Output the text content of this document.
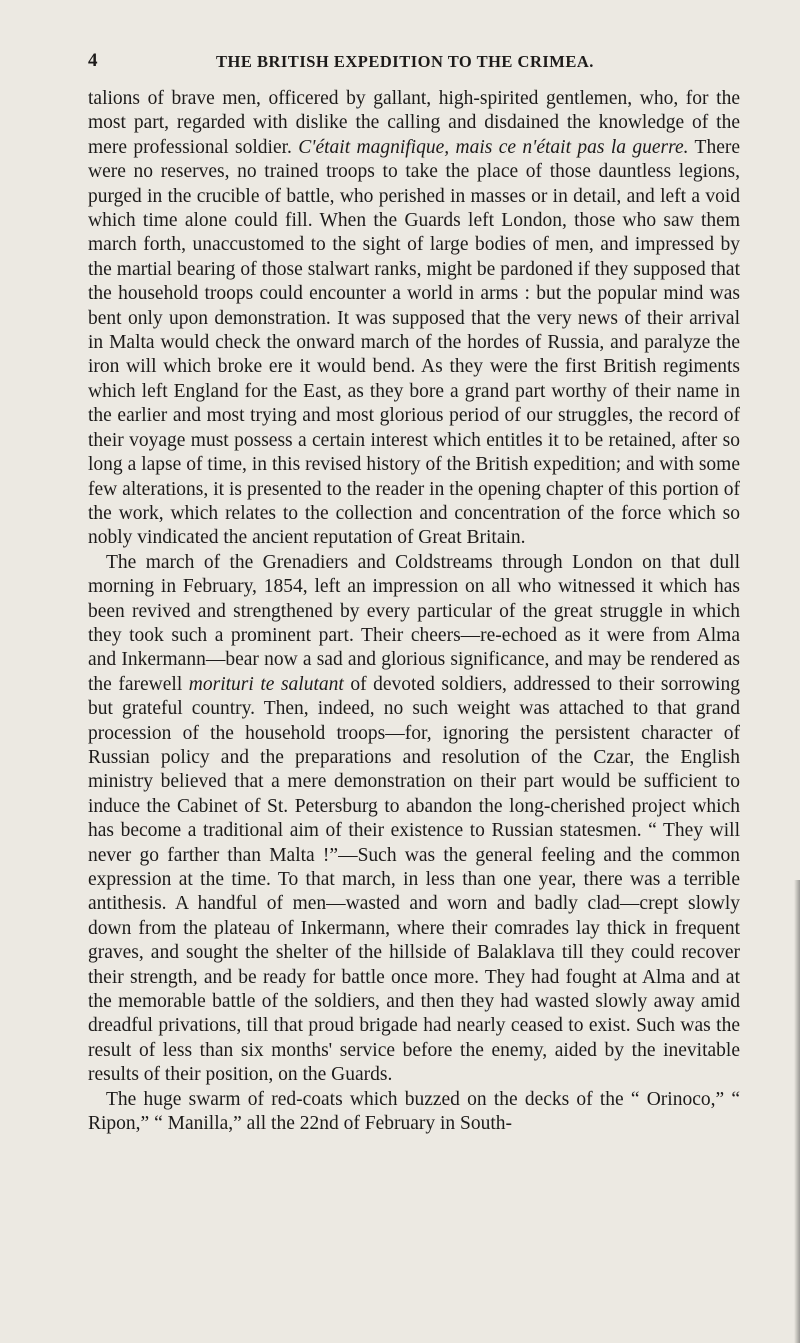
4	THE BRITISH EXPEDITION TO THE CRIMEA.

talions of brave men, officered by gallant, high-spirited gentlemen, who, for the most part, regarded with dislike the calling and disdained the knowledge of the mere professional soldier. C'était magnifique, mais ce n'était pas la guerre. There were no reserves, no trained troops to take the place of those dauntless legions, purged in the crucible of battle, who perished in masses or in detail, and left a void which time alone could fill. When the Guards left London, those who saw them march forth, unaccustomed to the sight of large bodies of men, and impressed by the martial bearing of those stalwart ranks, might be pardoned if they supposed that the household troops could encounter a world in arms : but the popular mind was bent only upon demonstration. It was supposed that the very news of their arrival in Malta would check the onward march of the hordes of Russia, and paralyze the iron will which broke ere it would bend. As they were the first British regiments which left England for the East, as they bore a grand part worthy of their name in the earlier and most trying and most glorious period of our struggles, the record of their voyage must possess a certain interest which entitles it to be retained, after so long a lapse of time, in this revised history of the British expedition; and with some few alterations, it is presented to the reader in the opening chapter of this portion of the work, which relates to the collection and concentration of the force which so nobly vindicated the ancient reputation of Great Britain.

The march of the Grenadiers and Coldstreams through London on that dull morning in February, 1854, left an impression on all who witnessed it which has been revived and strengthened by every particular of the great struggle in which they took such a prominent part. Their cheers—re-echoed as it were from Alma and Inkermann—bear now a sad and glorious significance, and may be rendered as the farewell morituri te salutant of devoted soldiers, addressed to their sorrowing but grateful country. Then, indeed, no such weight was attached to that grand procession of the household troops—for, ignoring the persistent character of Russian policy and the preparations and resolution of the Czar, the English ministry believed that a mere demonstration on their part would be sufficient to induce the Cabinet of St. Petersburg to abandon the long-cherished project which has become a traditional aim of their existence to Russian statesmen. “ They will never go farther than Malta !”—Such was the general feeling and the common expression at the time. To that march, in less than one year, there was a terrible antithesis. A handful of men—wasted and worn and badly clad—crept slowly down from the plateau of Inkermann, where their comrades lay thick in frequent graves, and sought the shelter of the hillside of Balaklava till they could recover their strength, and be ready for battle once more. They had fought at Alma and at the memorable battle of the soldiers, and then they had wasted slowly away amid dreadful privations, till that proud brigade had nearly ceased to exist. Such was the result of less than six months' service before the enemy, aided by the inevitable results of their position, on the Guards.

The huge swarm of red-coats which buzzed on the decks of the “ Orinoco,” “ Ripon,” “ Manilla,” all the 22nd of February in South-
